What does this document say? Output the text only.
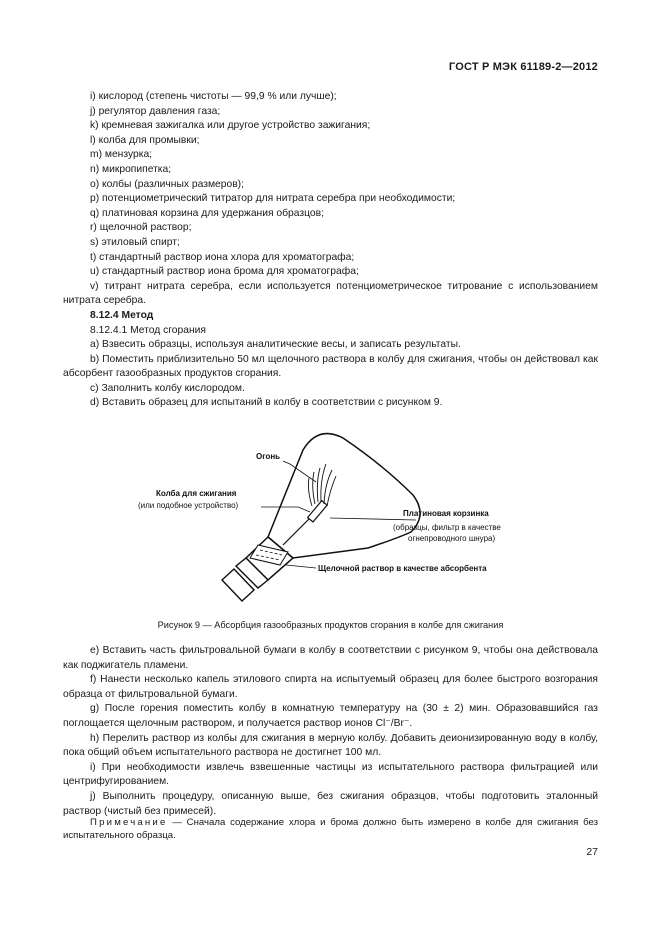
ГОСТ Р МЭК 61189-2—2012

i) кислород (степень чистоты — 99,9 % или лучше);

j) регулятор давления газа;

k) кремневая зажигалка или другое устройство зажигания;

l) колба для промывки;

m) мензурка;

n) микропипетка;

o) колбы (различных размеров);

p) потенциометрический титратор для нитрата серебра при необходимости;

q) платиновая корзина для удержания образцов;

r) щелочной раствор;

s) этиловый спирт;

t) стандартный раствор иона хлора для хроматографа;

u) стандартный раствор иона брома для хроматографа;

v) титрант нитрата серебра, если используется потенциометрическое титрование с использованием нитрата серебра.

8.12.4 Метод

8.12.4.1 Метод сгорания

a) Взвесить образцы, используя аналитические весы, и записать результаты.

b) Поместить приблизительно 50 мл щелочного раствора в колбу для сжигания, чтобы он действовал как абсорбент газообразных продуктов сгорания.

c) Заполнить колбу кислородом.

d) Вставить образец для испытаний в колбу в соответствии с рисунком 9.

Огонь
Колба для сжигания
(или подобное устройство)
Платиновая корзинка
(образцы, фильтр в качестве
огнепроводного шнура)
Щелочной раствор в качестве абсорбента
Рисунок 9 — Абсорбция газообразных продуктов сгорания в колбе для сжигания

e) Вставить часть фильтровальной бумаги в колбу в соответствии с рисунком 9, чтобы она действовала как поджигатель пламени.

f) Нанести несколько капель этилового спирта на испытуемый образец для более быстрого возгорания образца от фильтровальной бумаги.

g) После горения поместить колбу в комнатную температуру на (30 ± 2) мин. Образовавшийся газ поглощается щелочным раствором, и получается раствор ионов Cl⁻/Br⁻.

h) Перелить раствор из колбы для сжигания в мерную колбу. Добавить деионизированную воду в колбу, пока общий объем испытательного раствора не достигнет 100 мл.

i) При необходимости извлечь взвешенные частицы из испытательного раствора фильтрацией или центрифугированием.

j) Выполнить процедуру, описанную выше, без сжигания образцов, чтобы подготовить эталонный раствор (чистый без примесей).

Примечание — Сначала содержание хлора и брома должно быть измерено в колбе для сжигания без испытательного образца.
27
